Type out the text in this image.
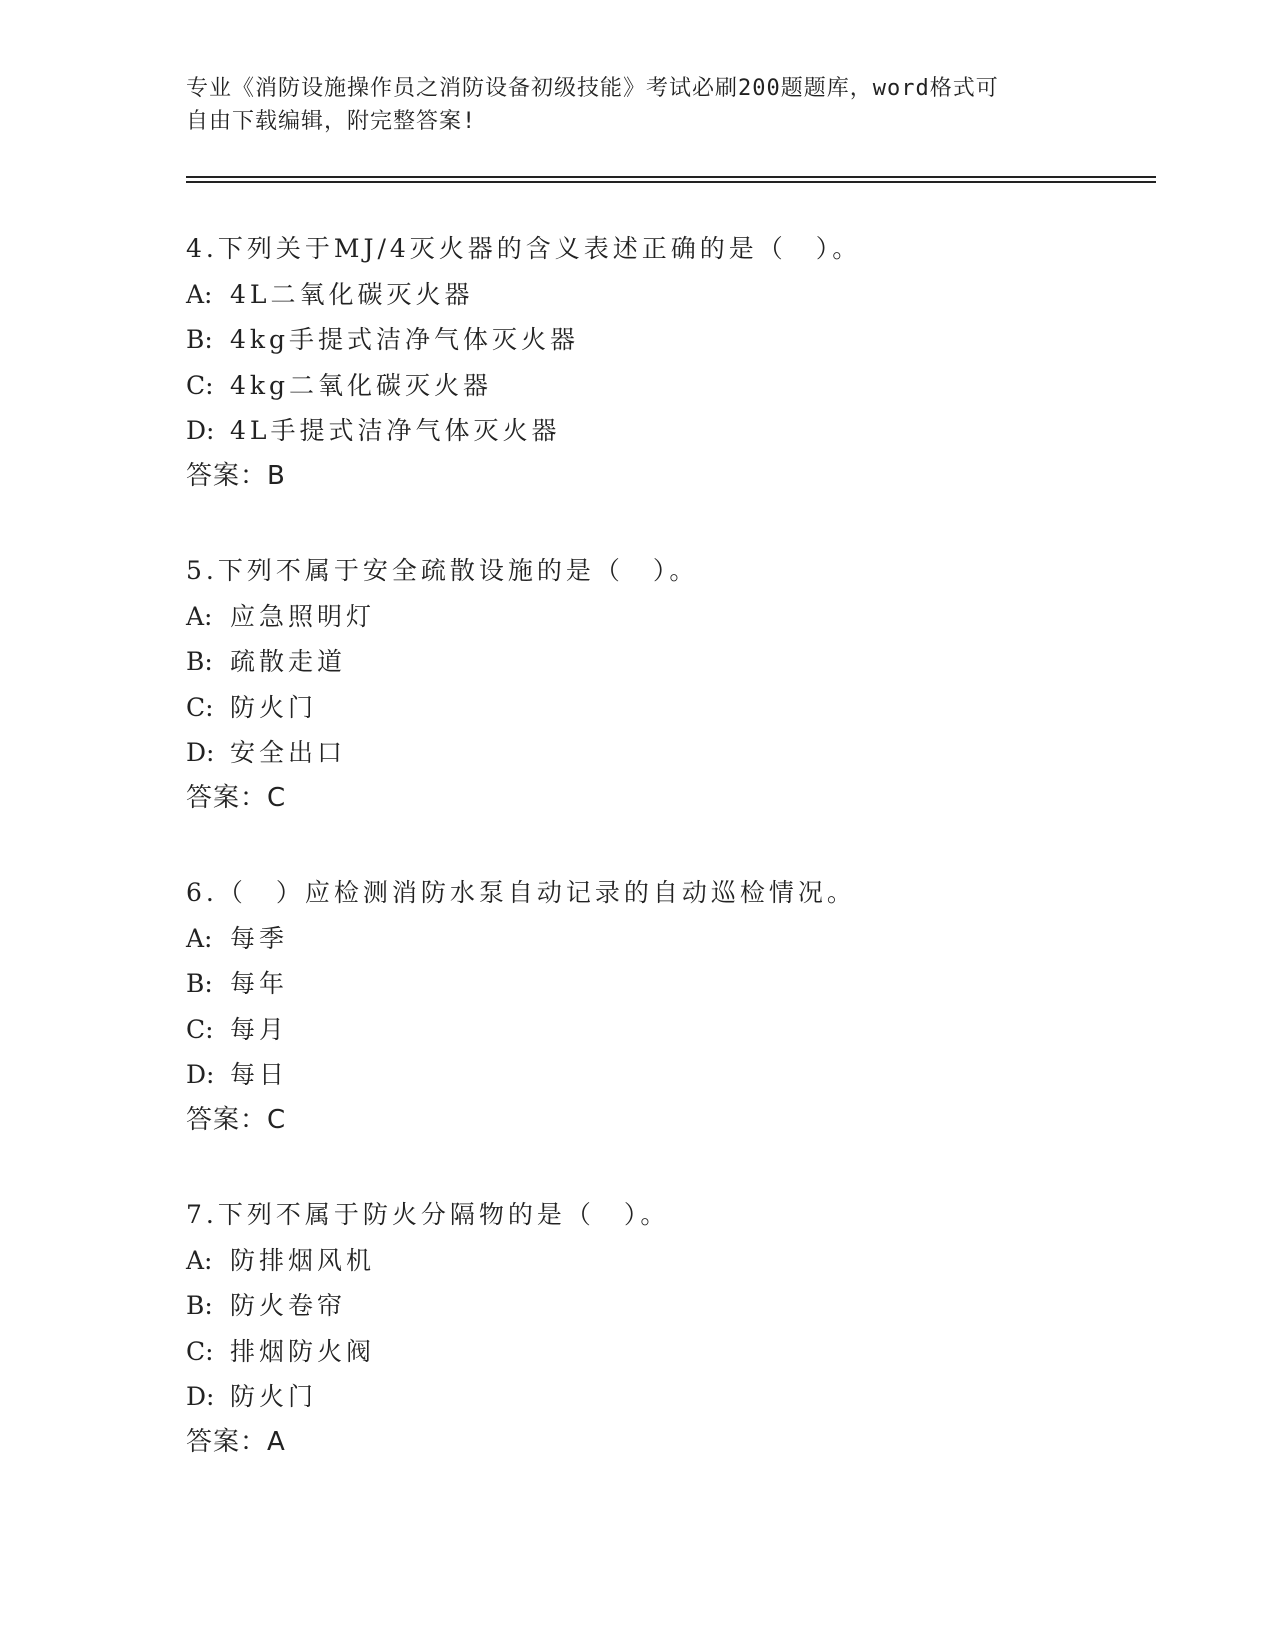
专业《消防设施操作员之消防设备初级技能》考试必刷200题题库，word格式可
自由下载编辑，附完整答案!
4.下列关于MJ/4灭火器的含义表述正确的是（　）。
A: 4L二氧化碳灭火器
B: 4kg手提式洁净气体灭火器
C: 4kg二氧化碳灭火器
D: 4L手提式洁净气体灭火器
答案：B
5.下列不属于安全疏散设施的是（　）。
A: 应急照明灯
B: 疏散走道
C: 防火门
D: 安全出口
答案：C
6.（　）应检测消防水泵自动记录的自动巡检情况。
A: 每季
B: 每年
C: 每月
D: 每日
答案：C
7.下列不属于防火分隔物的是（　）。
A: 防排烟风机
B: 防火卷帘
C: 排烟防火阀
D: 防火门
答案：A
